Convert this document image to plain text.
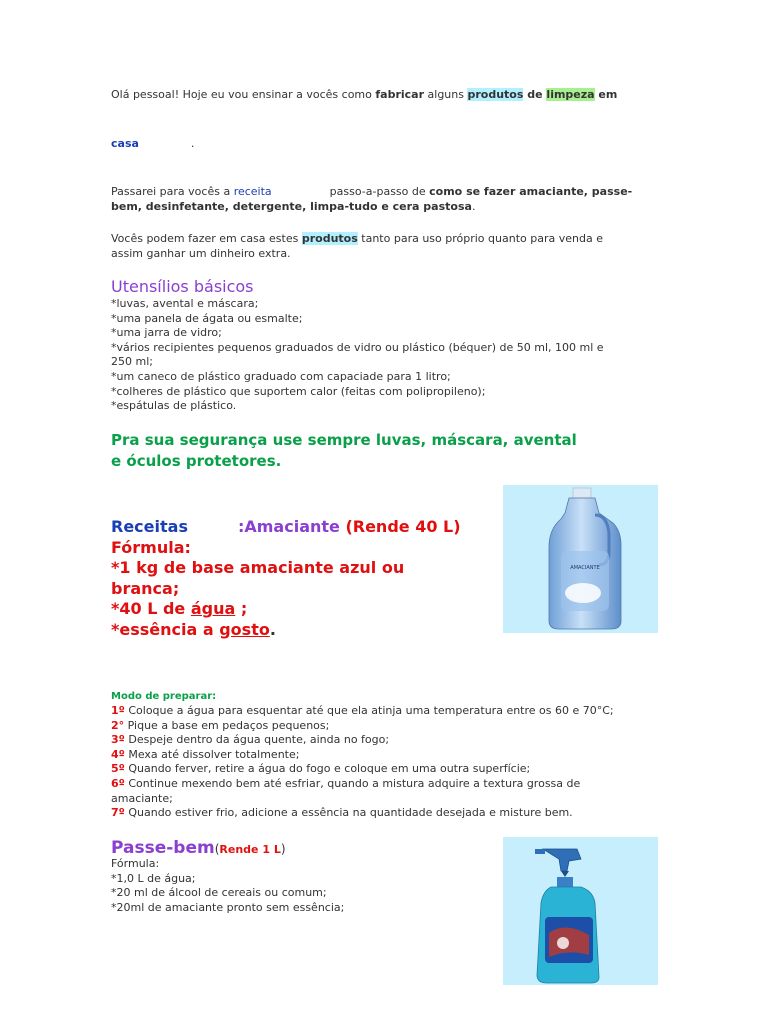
Olá pessoal! Hoje eu vou ensinar a vocês como fabricar alguns produtos de limpeza em
casa	.
Passarei para vocês a receita	passo-a-passo de como se fazer amaciante, passe-
bem, desinfetante, detergente, limpa-tudo e cera pastosa.
Vocês podem fazer em casa estes produtos tanto para uso próprio quanto para venda e
assim ganhar um dinheiro extra.
Utensílios básicos
*luvas, avental e máscara;
*uma panela de ágata ou esmalte;
*uma jarra de vidro;
*vários recipientes pequenos graduados de vidro ou plástico (béquer) de 50 ml, 100 ml e
250 ml;
*um caneco de plástico graduado com capaciade para 1 litro;
*colheres de plástico que suportem calor (feitas com polipropileno);
*espátulas de plástico.
Pra sua segurança use sempre luvas, máscara, avental
e óculos protetores.
Receitas	:Amaciante (Rende 40 L)
Fórmula:
*1 kg de base amaciante azul ou
branca;
*40 L de água ;
*essência a gosto.
AMACIANTE
Modo de preparar:
1º Coloque a água para esquentar até que ela atinja uma temperatura entre os 60 e 70°C;
2° Pique a base em pedaços pequenos;
3º Despeje dentro da água quente, ainda no fogo;
4º Mexa até dissolver totalmente;
5º Quando ferver, retire a água do fogo e coloque em uma outra superfície;
6º Continue mexendo bem até esfriar, quando a mistura adquire a textura grossa de
amaciante;
7º Quando estiver frio, adicione a essência na quantidade desejada e misture bem.
Passe-bem(Rende 1 L)
Fórmula:
*1,0 L de água;
*20 ml de álcool de cereais ou comum;
*20ml de amaciante pronto sem essência;
